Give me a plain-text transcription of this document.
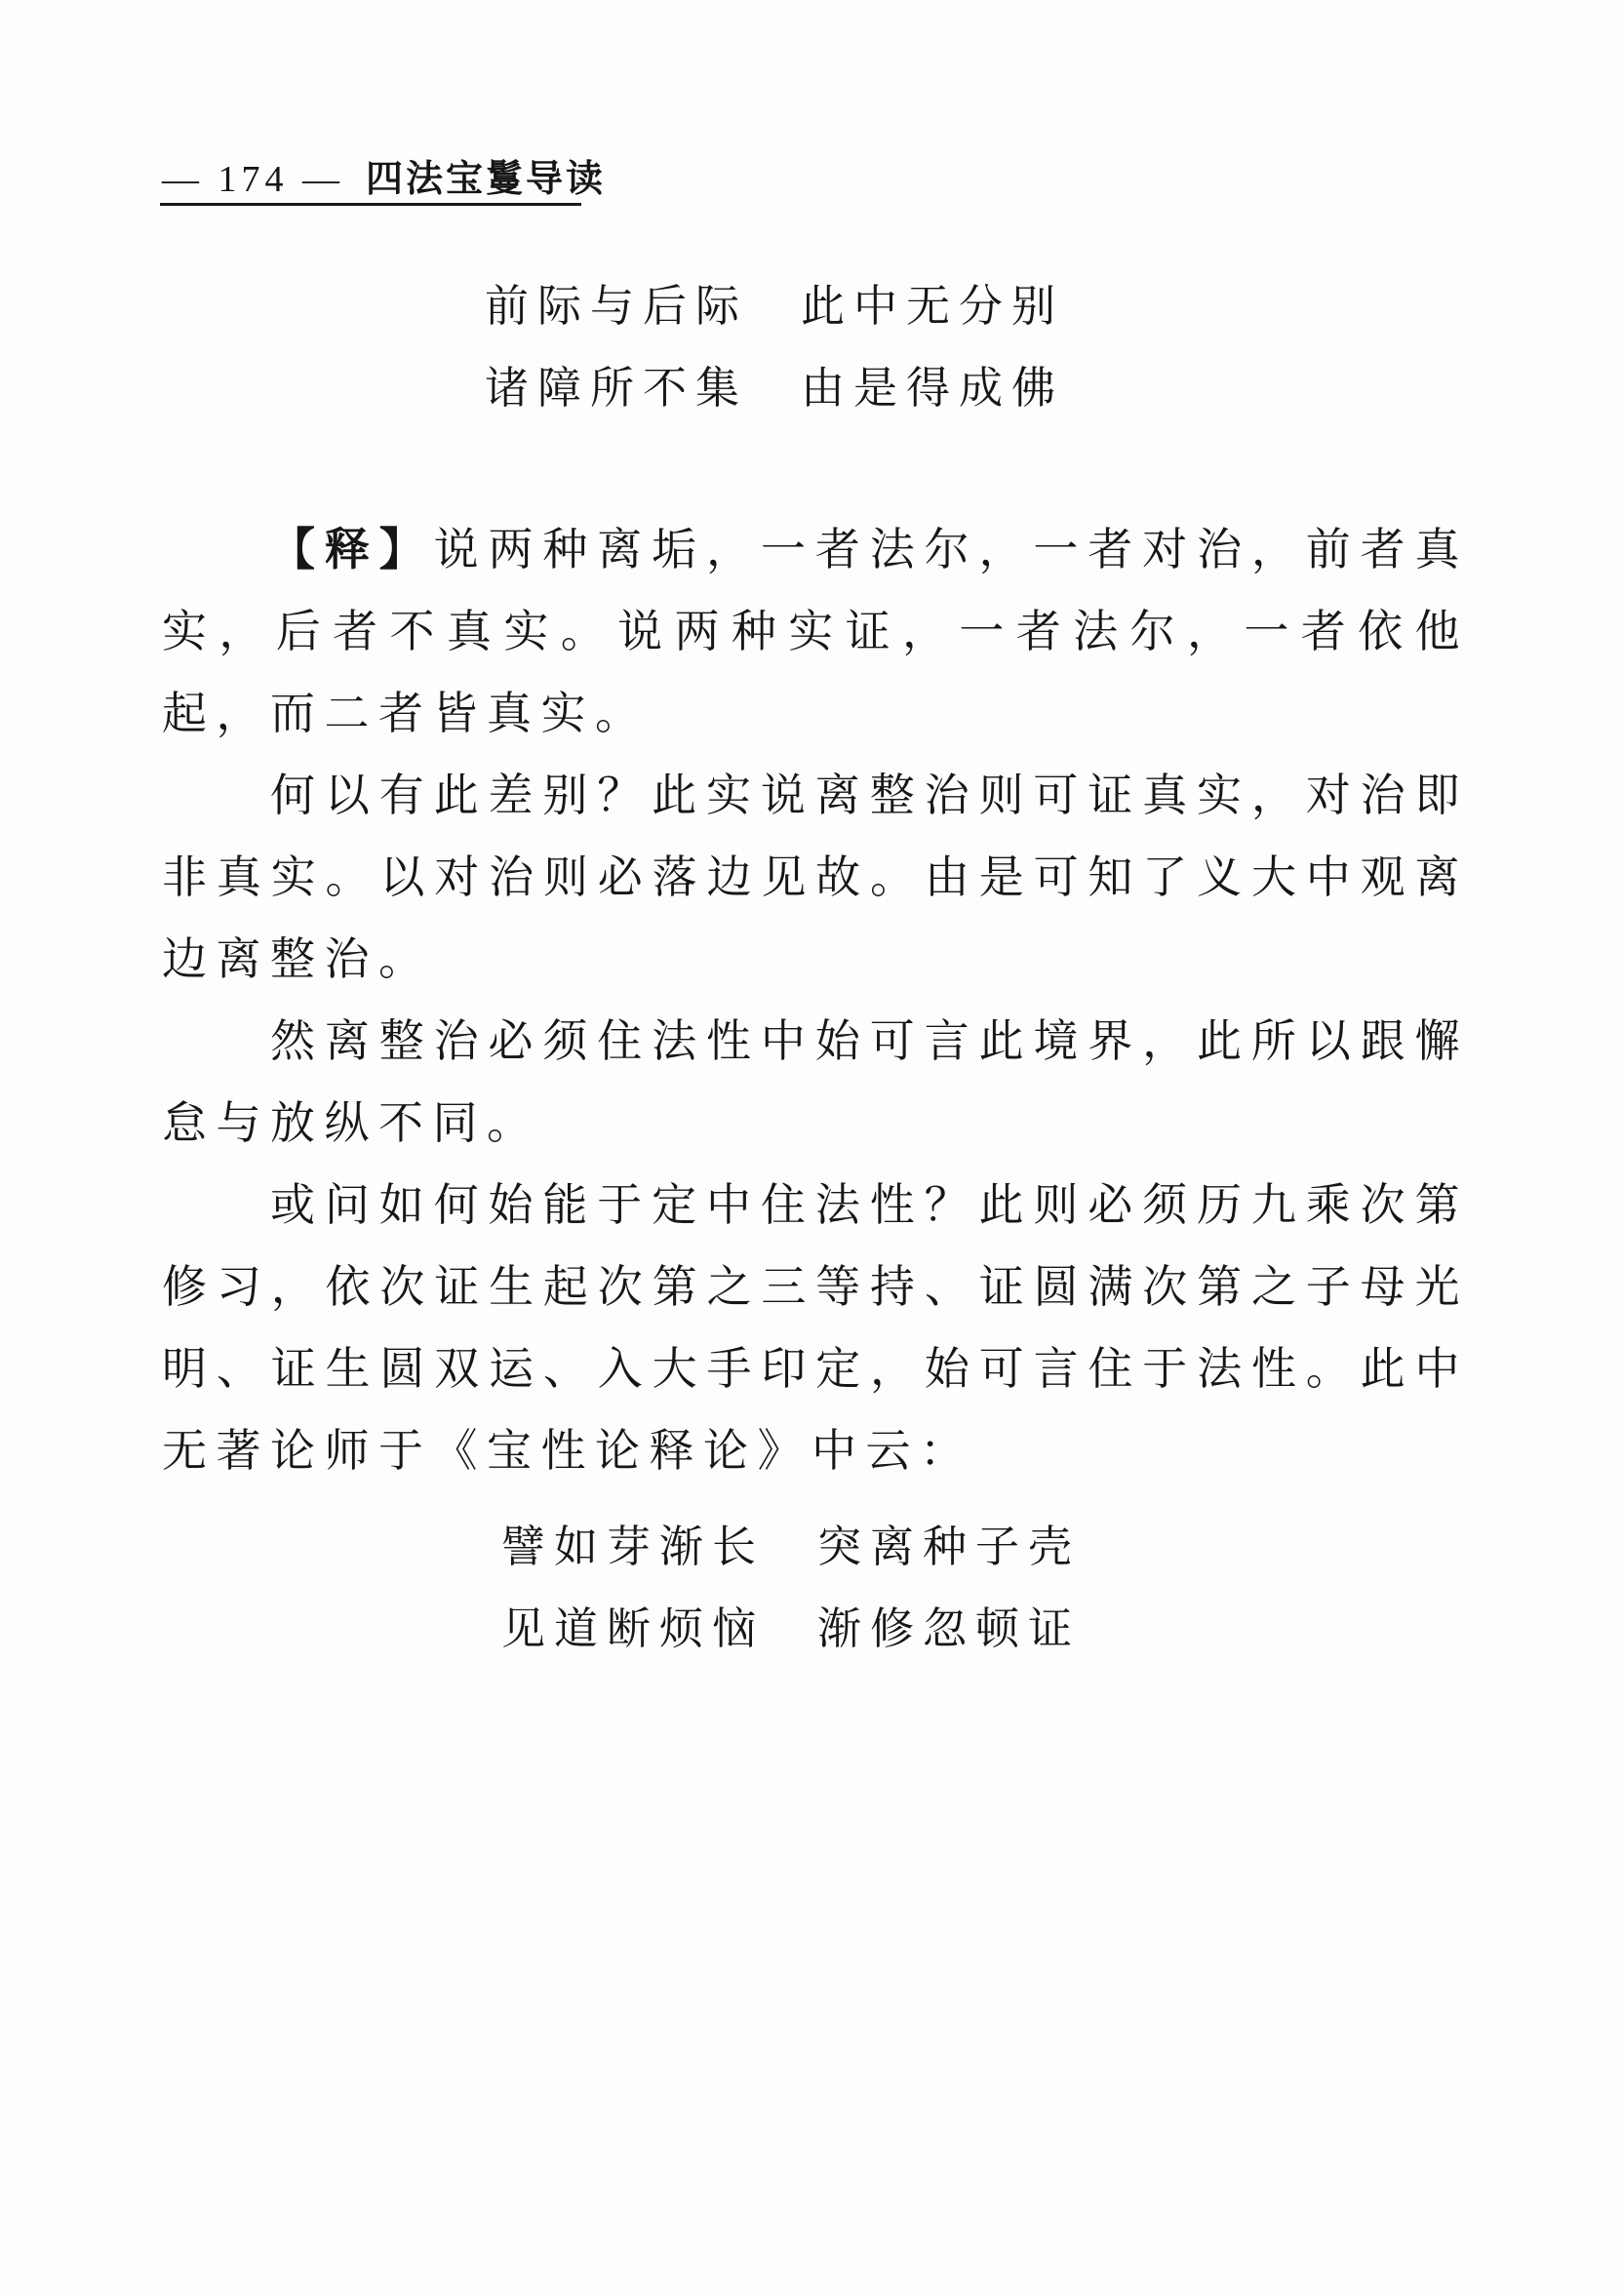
— 174 — 四法宝鬘导读

前际与后际　此中无分别

诸障所不集　由是得成佛

【释】说两种离垢，一者法尔，一者对治，前者真实，后者不真实。说两种实证，一者法尔，一者依他起，而二者皆真实。

何以有此差别？此实说离整治则可证真实，对治即非真实。以对治则必落边见故。由是可知了义大中观离边离整治。

然离整治必须住法性中始可言此境界，此所以跟懈怠与放纵不同。

或问如何始能于定中住法性？此则必须历九乘次第修习，依次证生起次第之三等持、证圆满次第之子母光明、证生圆双运、入大手印定，始可言住于法性。此中无著论师于《宝性论释论》中云：

譬如芽渐长　突离种子壳

见道断烦恼　渐修忽顿证
